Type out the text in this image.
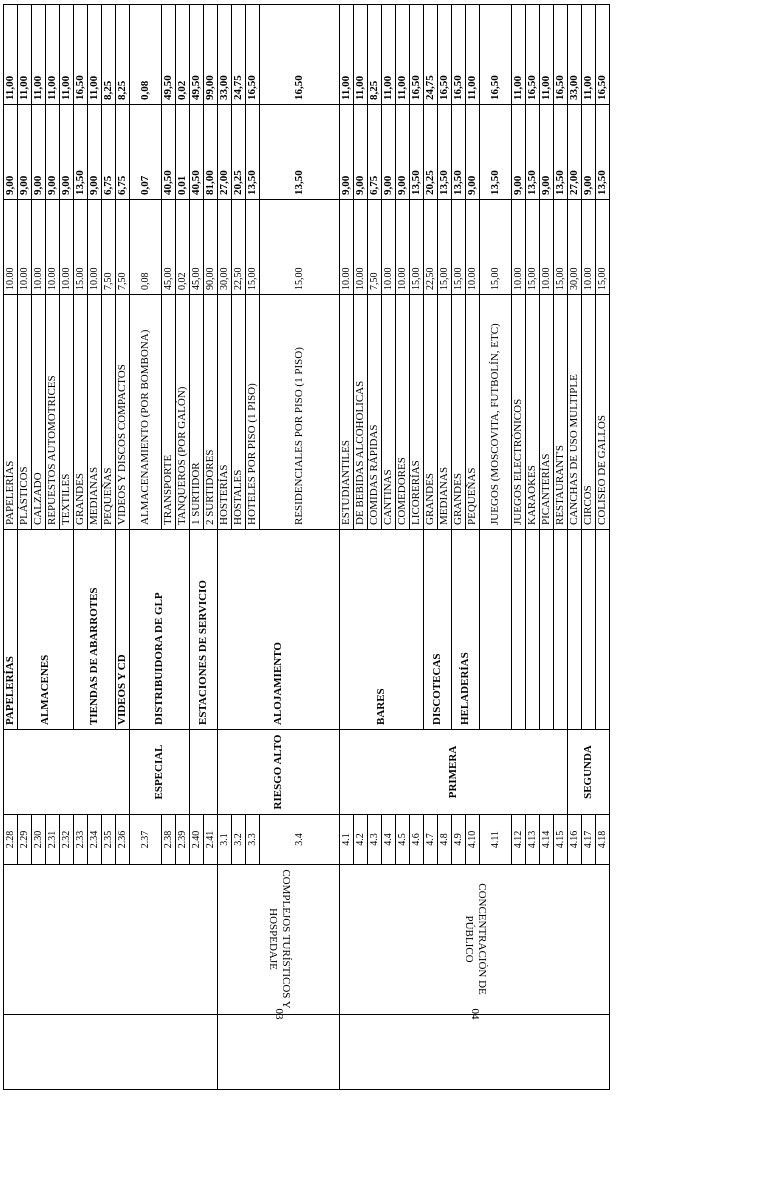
		2.28		PAPELERÍAS	PAPELERÍAS	10.00	9,00	11,00
		2.29		ALMACENES	PLÁSTICOS	10.00	9,00	11,00
		2.30			CALZADO	10.00	9,00	11,00
		2.31			REPUESTOS AUTOMOTRICES	10.00	9,00	11,00
		2.32			TEXTILES	10.00	9,00	11,00
		2.33		TIENDAS DE ABARROTES	GRANDES	15.00	13,50	16,50
		2.34			MEDIANAS	10.00	9,00	11,00
		2.35			PEQUEÑAS	7,50	6,75	8,25
		2.36		VIDEOS Y CD	VIDEOS Y DISCOS COMPACTOS	7,50	6,75	8,25
		2.37	ESPECIAL	DISTRIBUIDORA DE GLP	ALMACENAMIENTO (POR BOMBONA)	0,08	0,07	0,08
		2.38			TRANSPORTE	45,00	40,50	49,50
		2.39			TANQUEROS (POR GALÓN)	0,02	0,01	0,02
		2.40		ESTACIONES DE SERVICIO	1 SURTIDOR	45,00	40,50	49,50
		2.41			2 SURTIDORES	90,00	81,00	99,00
03	COMPLEJOS TURÍSTICOS Y HOSPEDAJE	3.1	RIESGO ALTO	ALOJAMIENTO	HOSTERÍAS	30,00	27,00	33,00
		3.2			HOSTALES	22,50	20,25	24,75
		3.3			HOTELES POR PISO (1 PISO)	15,00	13,50	16,50
		3.4			RESIDENCIALES POR PISO (1 PISO)	15,00	13,50	16,50
04	CONCENTRACIÓN DE PÚBLICO	4.1	PRIMERA	BARES	ESTUDIANTILES	10.00	9,00	11,00
		4.2			DE BEBIDAS ALCOHOLICAS	10.00	9,00	11,00
		4.3			COMIDAS RÁPIDAS	7,50	6,75	8,25
		4.4			CANTINAS	10.00	9,00	11,00
		4.5			COMEDORES	10.00	9,00	11,00
		4.6			LICORERÍAS	15,00	13,50	16,50
		4.7		DISCOTECAS	GRANDES	22,50	20,25	24,75
		4.8			MEDIANAS	15,00	13,50	16,50
		4.9		HELADERÍAS	GRANDES	15,00	13,50	16,50
		4.10			PEQUEÑAS	10.00	9,00	11,00
		4.11			JUEGOS (MOSCOVITA, FUTBOLÍN, ETC)	15,00	13,50	16,50
		4.12			JUEGOS ELECTRÓNICOS	10.00	9,00	11,00
		4.13			KARAOKES	15,00	13,50	16,50
		4.14			PICANTERÍAS	10.00	9,00	11,00
		4.15			RESTAURANT'S	15,00	13,50	16,50
		4.16	SEGUNDA		CANCHAS DE USO MULTIPLE	30,00	27,00	33,00
		4.17			CIRCOS	10.00	9,00	11,00
		4.18			COLISEO DE GALLOS	15,00	13,50	16,50
